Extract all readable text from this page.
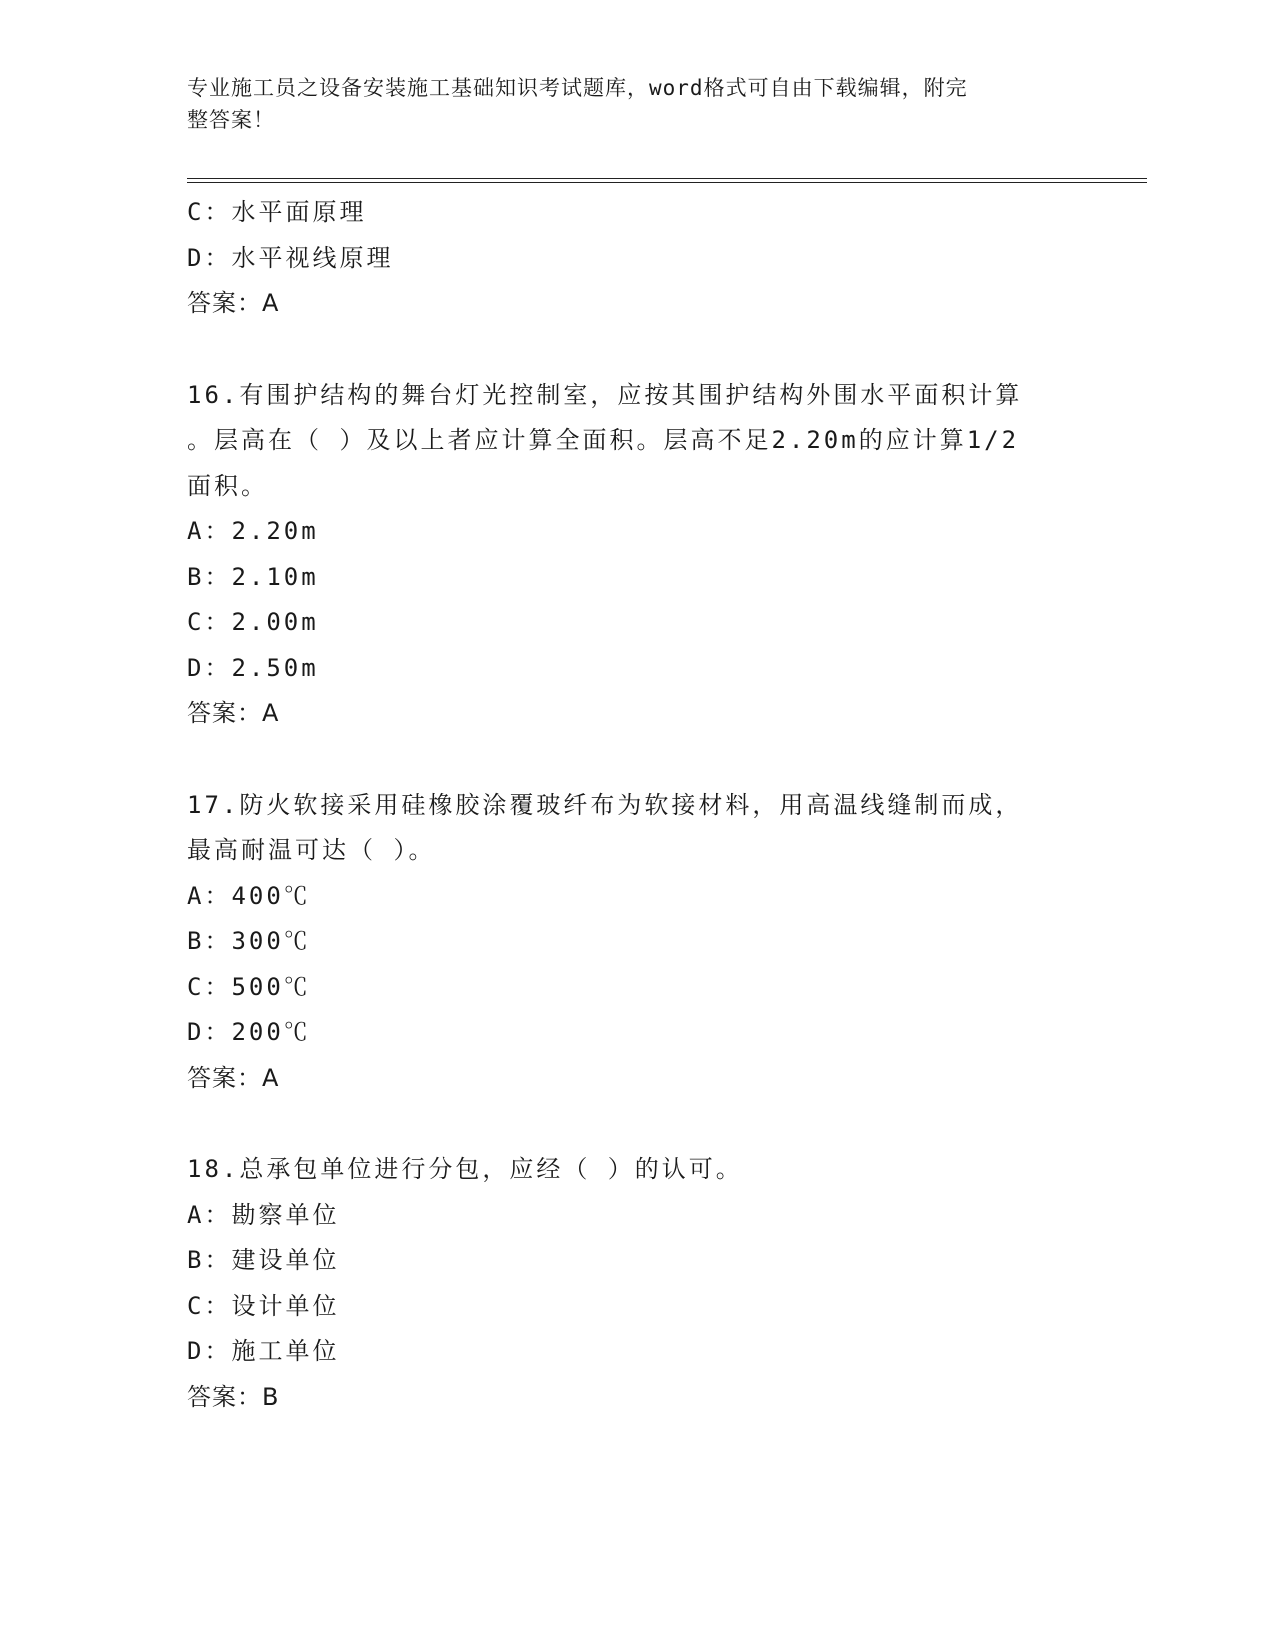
专业施工员之设备安装施工基础知识考试题库，word格式可自由下载编辑，附完
整答案！
C：水平面原理
D：水平视线原理
答案：A
16.有围护结构的舞台灯光控制室，应按其围护结构外围水平面积计算
。层高在（ ）及以上者应计算全面积。层高不足2.20m的应计算1/2
面积。
A：2.20m
B：2.10m
C：2.00m
D：2.50m
答案：A
17.防火软接采用硅橡胶涂覆玻纤布为软接材料，用高温线缝制而成，
最高耐温可达（ ）。
A：400℃
B：300℃
C：500℃
D：200℃
答案：A
18.总承包单位进行分包，应经（ ）的认可。
A：勘察单位
B：建设单位
C：设计单位
D：施工单位
答案：B
